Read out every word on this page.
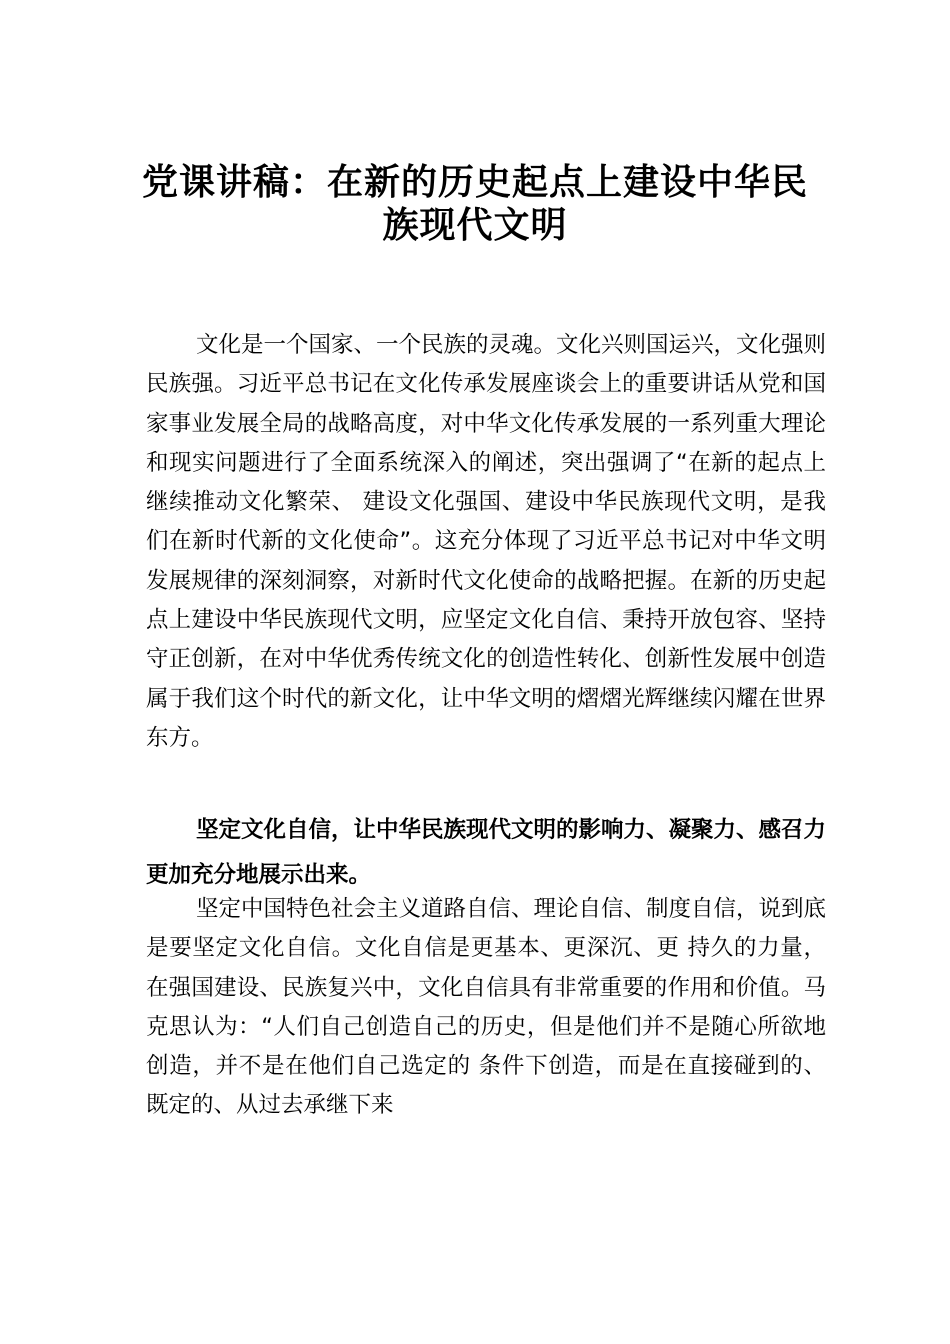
党课讲稿：在新的历史起点上建设中华民
族现代文明

文化是一个国家、一个民族的灵魂。文化兴则国运兴，文化强则民族强。习近平总书记在文化传承发展座谈会上的重要讲话从党和国家事业发展全局的战略高度，对中华文化传承发展的一系列重大理论和现实问题进行了全面系统深入的阐述，突出强调了“在新的起点上继续推动文化繁荣、 建设文化强国、建设中华民族现代文明，是我们在新时代新的文化使命”。这充分体现了习近平总书记对中华文明发展规律的深刻洞察，对新时代文化使命的战略把握。在新的历史起点上建设中华民族现代文明，应坚定文化自信、秉持开放包容、坚持守正创新，在对中华优秀传统文化的创造性转化、创新性发展中创造属于我们这个时代的新文化，让中华文明的熠熠光辉继续闪耀在世界东方。

坚定文化自信，让中华民族现代文明的影响力、凝聚力、感召力更加充分地展示出来。

坚定中国特色社会主义道路自信、理论自信、制度自信，说到底是要坚定文化自信。文化自信是更基本、更深沉、更 持久的力量，在强国建设、民族复兴中，文化自信具有非常重要的作用和价值。马克思认为：“人们自己创造自己的历史，但是他们并不是随心所欲地创造，并不是在他们自己选定的 条件下创造，而是在直接碰到的、既定的、从过去承继下来
